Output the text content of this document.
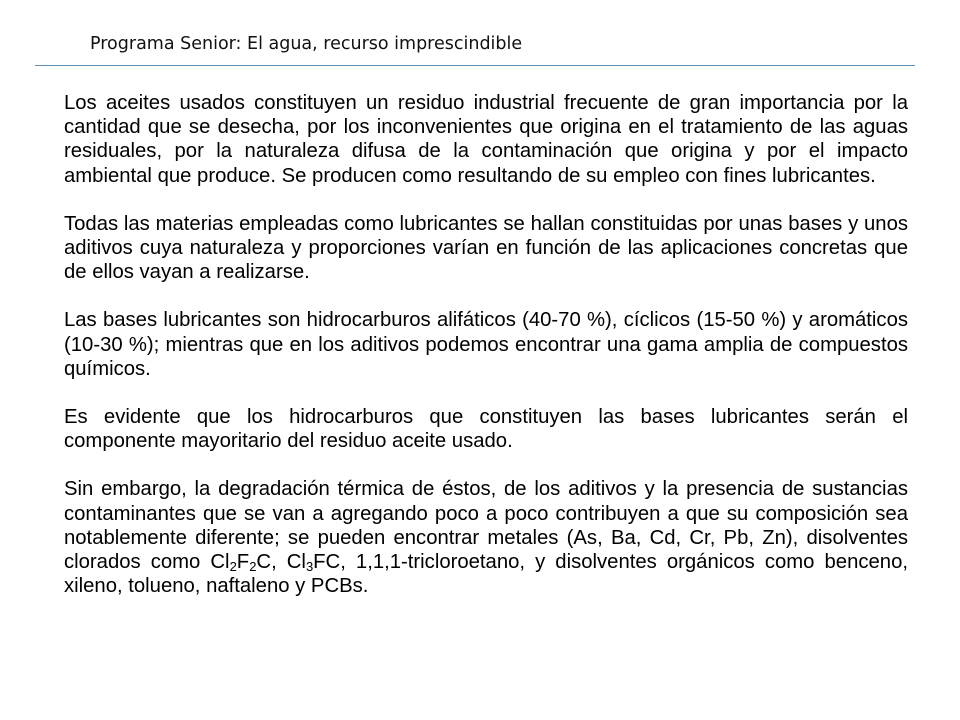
Programa Senior: El agua, recurso imprescindible

Los aceites usados constituyen un residuo industrial frecuente de gran importancia por la cantidad que se desecha, por los inconvenientes que origina en el tratamiento de las aguas residuales, por la naturaleza difusa de la contaminación que origina y por el impacto ambiental que produce. Se producen como resultando de su empleo con fines lubricantes.

Todas las materias empleadas como lubricantes se hallan constituidas por unas bases y unos aditivos cuya naturaleza y proporciones varían en función de las aplicaciones concretas que de ellos vayan a realizarse.

Las bases lubricantes son hidrocarburos alifáticos (40-70 %), cíclicos (15-50 %) y aromáticos (10-30 %); mientras que en los aditivos podemos encontrar una gama amplia de compuestos químicos.

Es evidente que los hidrocarburos que constituyen las bases lubricantes serán el componente mayoritario del residuo aceite usado.

Sin embargo, la degradación térmica de éstos, de los aditivos y la presencia de sustancias contaminantes que se van a agregando poco a poco contribuyen a que su composición sea notablemente diferente; se pueden encontrar metales (As, Ba, Cd, Cr, Pb, Zn), disolventes clorados como $Cl_2F_2C$, $Cl_3FC$, 1,1,1-tricloroetano, y disolventes orgánicos como benceno, xileno, tolueno, naftaleno y PCBs.
